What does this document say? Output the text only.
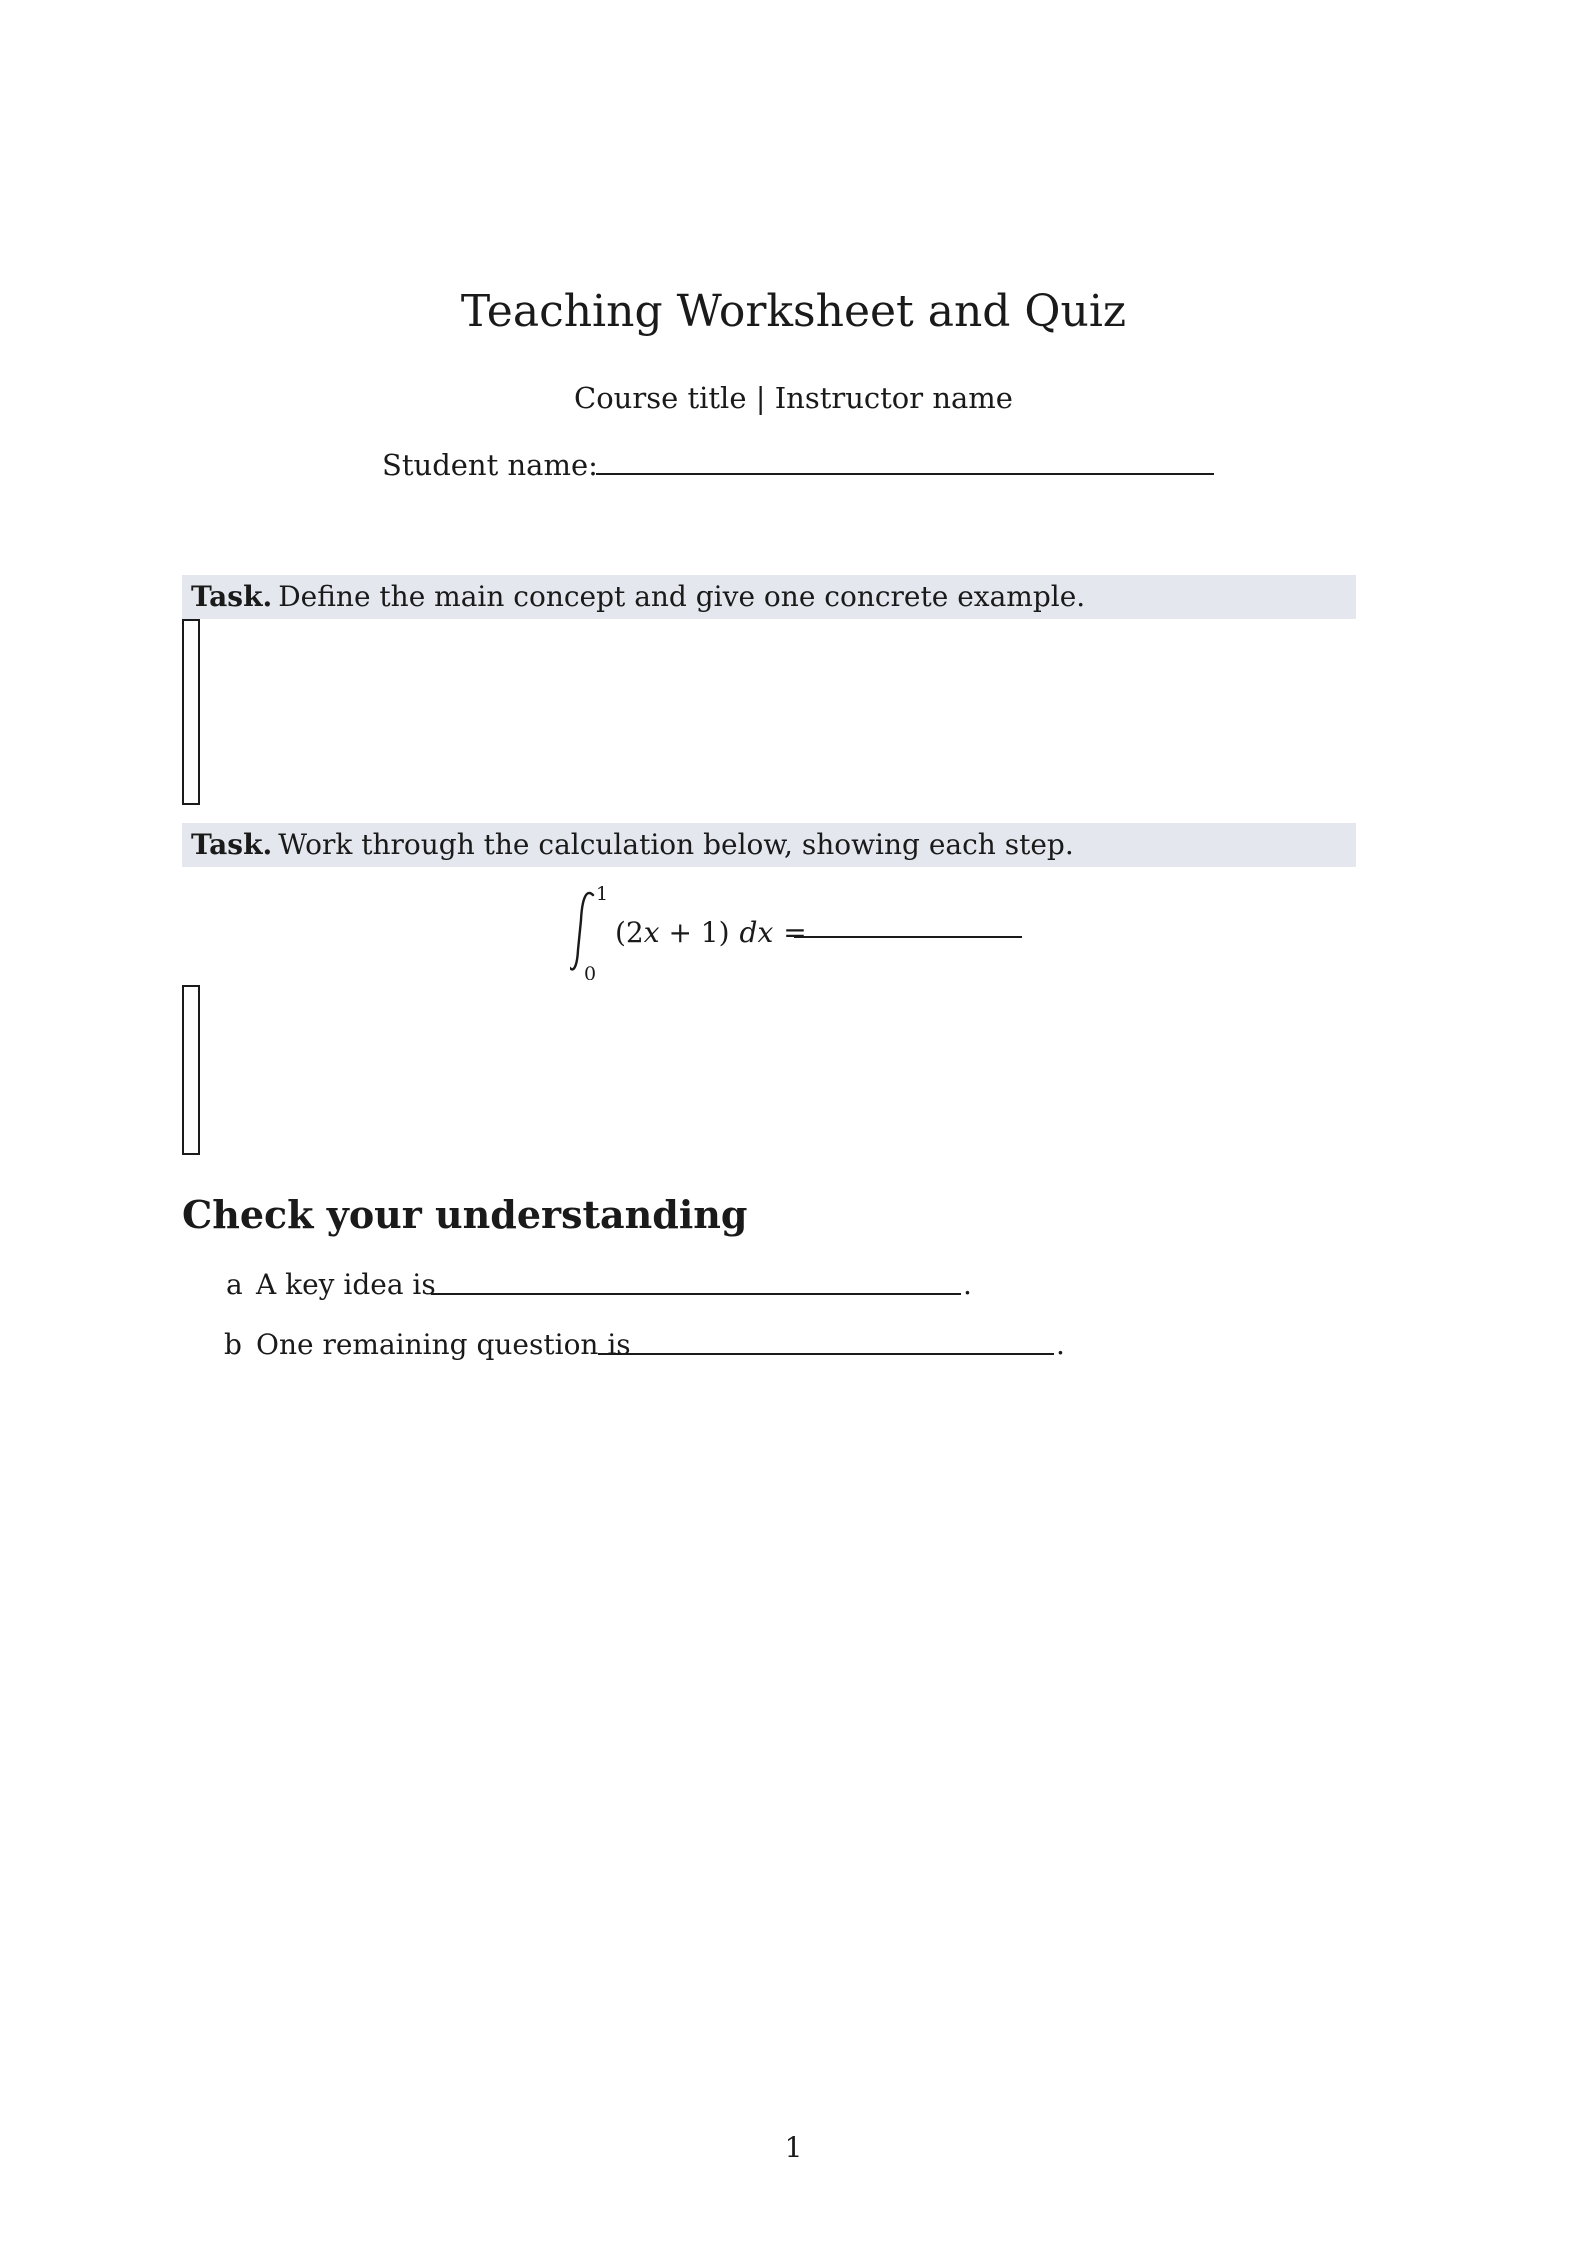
Teaching Worksheet and Quiz
Course title | Instructor name
Student name:
Task. Define the main concept and give one concrete example.
Task. Work through the calculation below, showing each step.
1
0
(2x + 1) dx =
Check your understanding
a A key idea is	.
b One remaining question is	.
1
